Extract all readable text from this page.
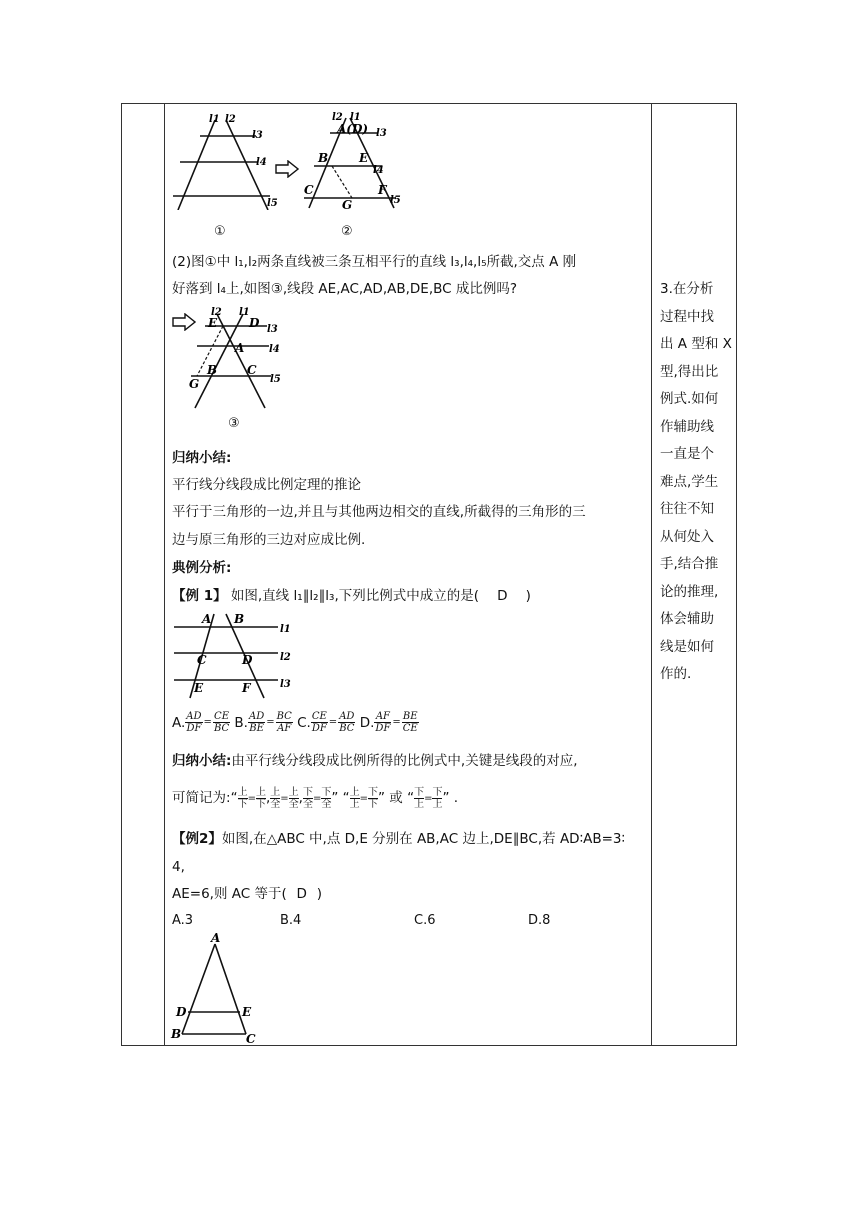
l1 l2
l3
l4
l5
①
l2 l1
l3
l4
l5
A(D)
B	E
C	F
G
②
(2)图①中 l₁,l₂两条直线被三条互相平行的直线 l₃,l₄,l₅所截,交点 A 刚
好落到 l₄上,如图③,线段 AE,AC,AD,AB,DE,BC 成比例吗?
l2 l1
l3
l4
l5
E	D
A
B C
G
③
归纳小结:
平行线分线段成比例定理的推论
平行于三角形的一边,并且与其他两边相交的直线,所截得的三角形的三
边与原三角形的三边对应成比例.
典例分析:
【例 1】 如图,直线 l₁∥l₂∥l₃,下列比例式中成立的是( D )
A B
C	D
E	F
l1
l2
l3
A. $\frac{AD}{DF} = \frac{CE}{BC} B$. $\frac{AD}{BE} = \frac{BC}{AF} C$. $\frac{CE}{DF} = \frac{AD}{BC} D$. $\frac{AF}{DF} = \frac{BE}{CE}$
归纳小结:由平行线分线段成比例所得的比例式中,关键是线段的对应,
可简记为:“ 上
下
=
上
下 , 上
全
=
上
全 , 下
全
=
下
全 ” “ 上
上
=
下
下 ” 或 “ 下
上
=
下
上 ” .
【例2】如图,在△ABC 中,点 D,E 分别在 AB,AC 边上,DE∥BC,若 AD∶AB=3∶
4,
AE=6,则 AC 等于( D )
A.3	B.4	C.6	D.8
A
D	E
B	C
3.在分析
过程中找
出 A 型和 X
型,得出比
例式.如何
作辅助线
一直是个
难点,学生
往往不知
从何处入
手,结合推
论的推理,
体会辅助
线是如何
作的.
